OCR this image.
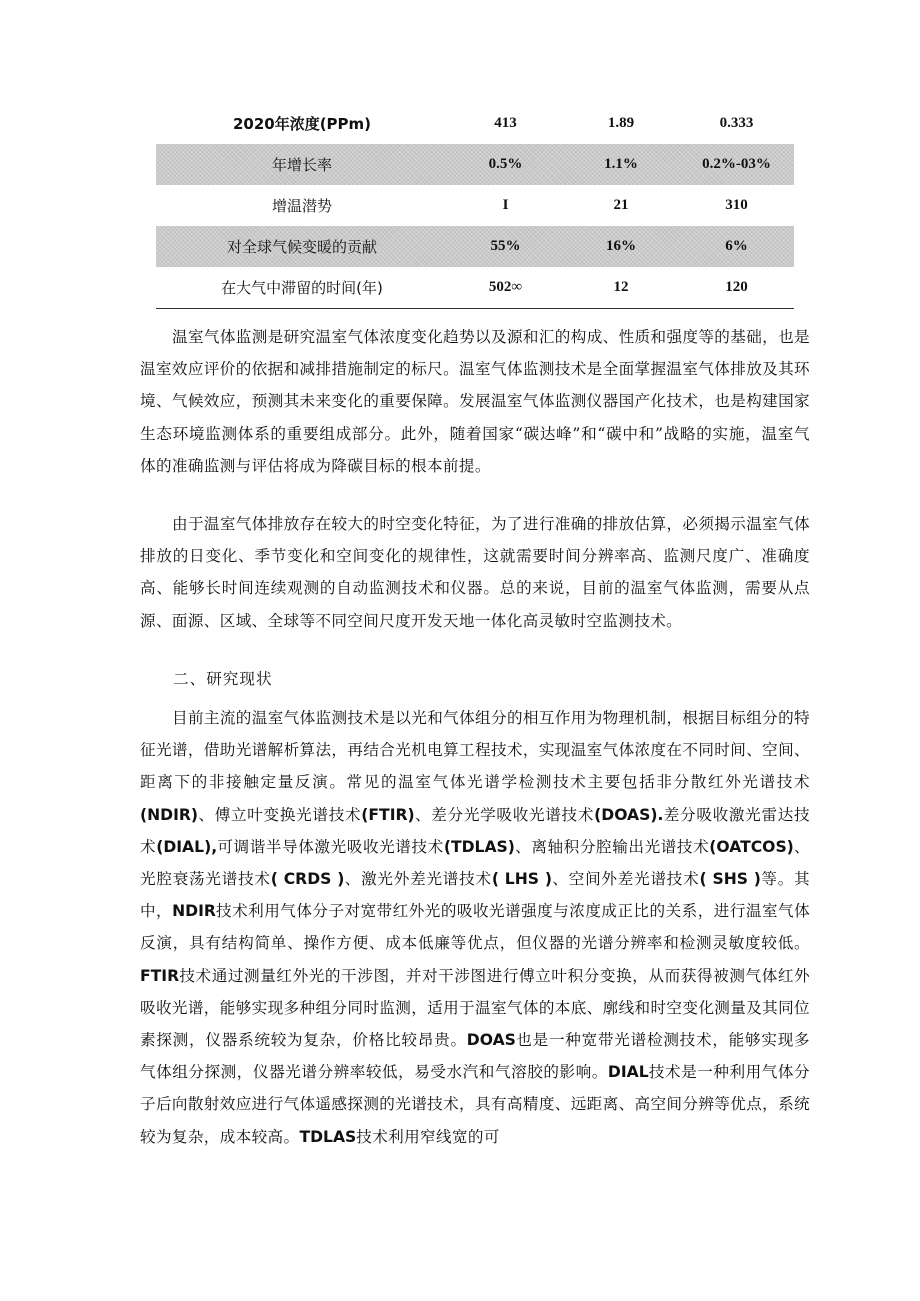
2020年浓度(PPm)	413	1.89	0.333
年增长率	0.5%	1.1%	0.2%-03%
增温潜势	I	21	310
对全球气候变暖的贡献	55%	16%	6%
在大气中滞留的时间(年)	502∞	12	120

温室气体监测是研究温室气体浓度变化趋势以及源和汇的构成、性质和强度等的基础，也是温室效应评价的依据和减排措施制定的标尺。温室气体监测技术是全面掌握温室气体排放及其环境、气候效应，预测其未来变化的重要保障。发展温室气体监测仪器国产化技术，也是构建国家生态环境监测体系的重要组成部分。此外，随着国家“碳达峰”和“碳中和”战略的实施，温室气体的准确监测与评估将成为降碳目标的根本前提。

由于温室气体排放存在较大的时空变化特征，为了进行准确的排放估算，必须揭示温室气体排放的日变化、季节变化和空间变化的规律性，这就需要时间分辨率高、监测尺度广、准确度高、能够长时间连续观测的自动监测技术和仪器。总的来说，目前的温室气体监测，需要从点源、面源、区域、全球等不同空间尺度开发天地一体化高灵敏时空监测技术。

二、研究现状

目前主流的温室气体监测技术是以光和气体组分的相互作用为物理机制，根据目标组分的特征光谱，借助光谱解析算法，再结合光机电算工程技术，实现温室气体浓度在不同时间、空间、距离下的非接触定量反演。常见的温室气体光谱学检测技术主要包括非分散红外光谱技术(NDIR)、傅立叶变换光谱技术(FTIR)、差分光学吸收光谱技术(DOAS).差分吸收激光雷达技术(DIAL),可调谐半导体激光吸收光谱技术(TDLAS)、离轴积分腔输出光谱技术(OATCOS)、光腔衰荡光谱技术( CRDS )、激光外差光谱技术( LHS )、空间外差光谱技术( SHS )等。其中，NDIR技术利用气体分子对宽带红外光的吸收光谱强度与浓度成正比的关系，进行温室气体反演，具有结构简单、操作方便、成本低廉等优点，但仪器的光谱分辨率和检测灵敏度较低。FTIR技术通过测量红外光的干涉图，并对干涉图进行傅立叶积分变换，从而获得被测气体红外吸收光谱，能够实现多种组分同时监测，适用于温室气体的本底、廓线和时空变化测量及其同位素探测，仪器系统较为复杂，价格比较昂贵。DOAS也是一种宽带光谱检测技术，能够实现多气体组分探测，仪器光谱分辨率较低，易受水汽和气溶胶的影响。DIAL技术是一种利用气体分子后向散射效应进行气体遥感探测的光谱技术，具有高精度、远距离、高空间分辨等优点，系统较为复杂，成本较高。TDLAS技术利用窄线宽的可
